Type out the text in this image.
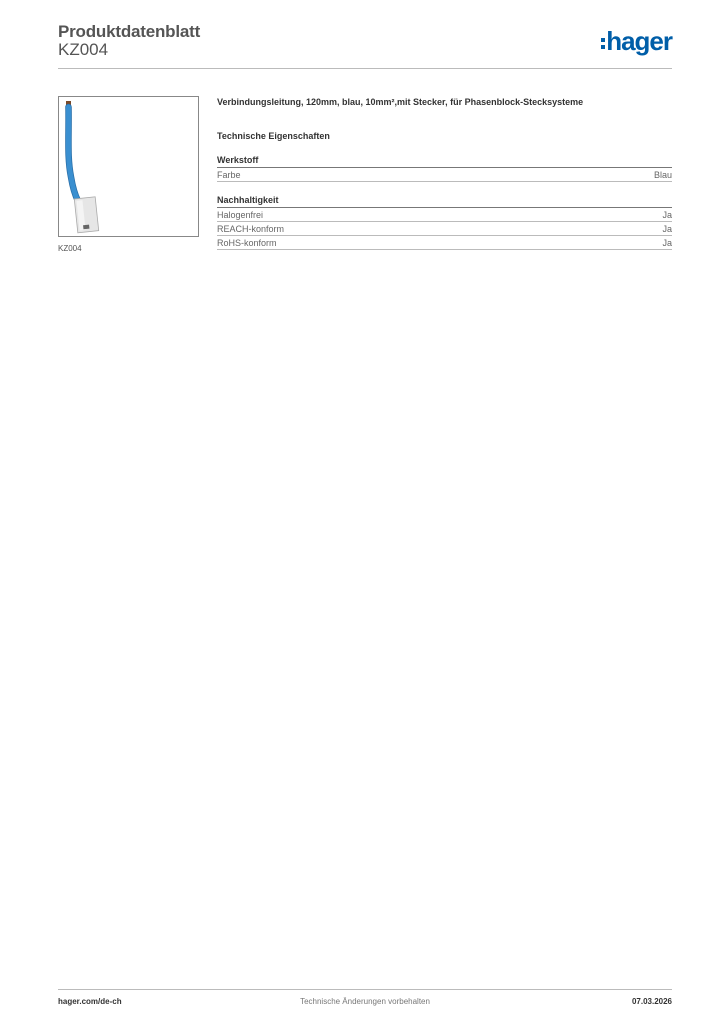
Produktdatenblatt
KZ004	hager
KZ004

Verbindungsleitung, 120mm, blau, 10mm²,mit Stecker, für Phasenblock-Stecksysteme

Technische Eigenschaften
Werkstoff
Farbe	Blau
Nachhaltigkeit
Halogenfrei	Ja
REACH-konform	Ja
RoHS-konform	Ja
Technische Änderungen vorbehalten
hager.com/de-ch	07.03.2026
